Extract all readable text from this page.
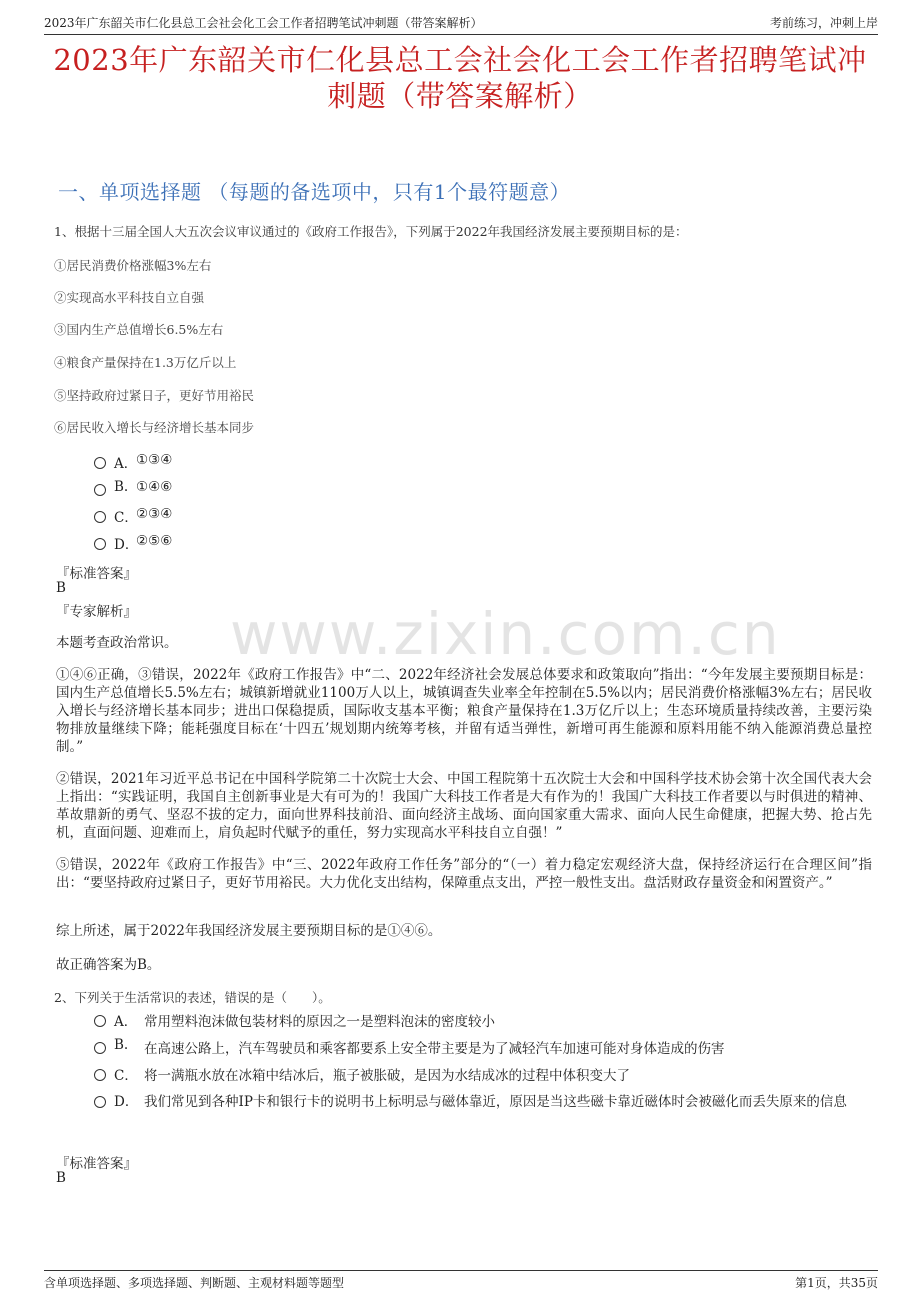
2023年广东韶关市仁化县总工会社会化工会工作者招聘笔试冲刺题（带答案解析）	考前练习，冲刺上岸
2023年广东韶关市仁化县总工会社会化工会工作者招聘笔试冲
刺题（带答案解析）
一、单项选择题 （每题的备选项中，只有1个最符题意）
www.zixin.com.cn
1、根据十三届全国人大五次会议审议通过的《政府工作报告》，下列属于2022年我国经济发展主要预期目标的是：
①居民消费价格涨幅3%左右
②实现高水平科技自立自强
③国内生产总值增长6.5%左右
④粮食产量保持在1.3万亿斤以上
⑤坚持政府过紧日子，更好节用裕民
⑥居民收入增长与经济增长基本同步
A．
①③④
B. ①④⑥
C．
②③④
D．
②⑤⑥
『标准答案』
B
『专家解析』
本题考查政治常识。
①④⑥正确，③错误，2022年《政府工作报告》中“二、2022年经济社会发展总体要求和政策取向”指出：“今年发展主要预期目标是：国内生产总值增长5.5%左右；城镇新增就业1100万人以上，城镇调查失业率全年控制在5.5%以内；居民消费价格涨幅3%左右；居民收入增长与经济增长基本同步；进出口保稳提质，国际收支基本平衡；粮食产量保持在1.3万亿斤以上；生态环境质量持续改善，主要污染物排放量继续下降；能耗强度目标在‘十四五’规划期内统筹考核，并留有适当弹性，新增可再生能源和原料用能不纳入能源消费总量控制。”
②错误，2021年习近平总书记在中国科学院第二十次院士大会、中国工程院第十五次院士大会和中国科学技术协会第十次全国代表大会上指出：“实践证明，我国自主创新事业是大有可为的！我国广大科技工作者是大有作为的！我国广大科技工作者要以与时俱进的精神、革故鼎新的勇气、坚忍不拔的定力，面向世界科技前沿、面向经济主战场、面向国家重大需求、面向人民生命健康，把握大势、抢占先机，直面问题、迎难而上，肩负起时代赋予的重任，努力实现高水平科技自立自强！”
⑤错误，2022年《政府工作报告》中“三、2022年政府工作任务”部分的“（一）着力稳定宏观经济大盘，保持经济运行在合理区间”指出：“要坚持政府过紧日子，更好节用裕民。大力优化支出结构，保障重点支出，严控一般性支出。盘活财政存量资金和闲置资产。”
综上所述，属于2022年我国经济发展主要预期目标的是①④⑥。
故正确答案为B。
2、下列关于生活常识的表述，错误的是（　　）。
A． 常用塑料泡沫做包装材料的原因之一是塑料泡沫的密度较小
B.	在高速公路上，汽车驾驶员和乘客都要系上安全带主要是为了减轻汽车加速可能对身体造成的伤害
C． 将一满瓶水放在冰箱中结冰后，瓶子被胀破，是因为水结成冰的过程中体积变大了
D． 我们常见到各种IP卡和银行卡的说明书上标明忌与磁体靠近，原因是当这些磁卡靠近磁体时会被磁化而丢失原来的信息
『标准答案』
B
含单项选择题、多项选择题、判断题、主观材料题等题型	第1页，共35页
